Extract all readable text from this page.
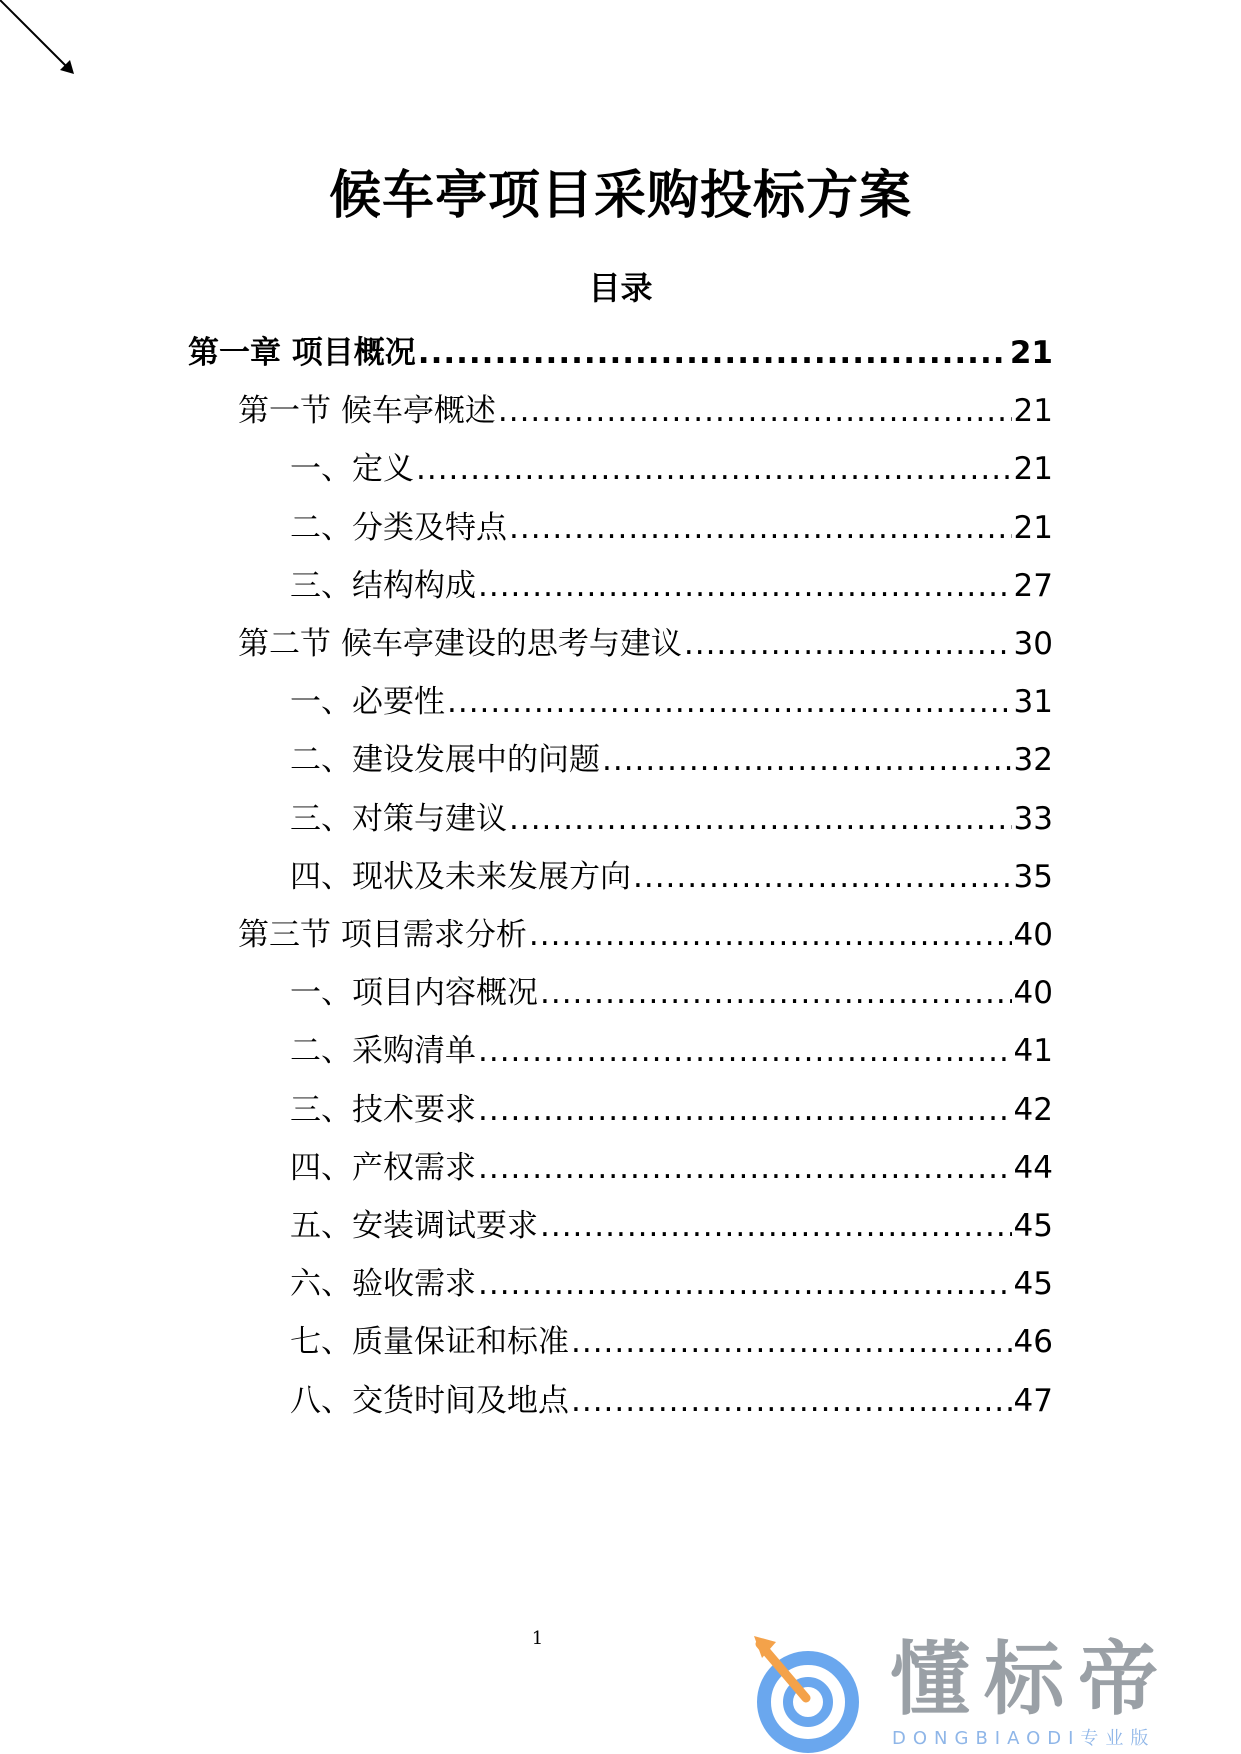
候车亭项目采购投标方案
目录
第一章 项目概况 .....	21
第一节 候车亭概述 .....	21
一、定义 .....	21
二、分类及特点 .....	21
三、结构构成 .....	27
第二节 候车亭建设的思考与建议 .....	30
一、必要性 .....	31
二、建设发展中的问题 .....	32
三、对策与建议 .....	33
四、现状及未来发展方向 .....	35
第三节 项目需求分析 .....	40
一、项目内容概况 .....	40
二、采购清单 .....	41
三、技术要求 .....	42
四、产权需求 .....	44
五、安装调试要求 .....	45
六、验收需求 .....	45
七、质量保证和标准 .....	46
八、交货时间及地点 .....	47
1	懂标帝
DONGBIAODI专业版
